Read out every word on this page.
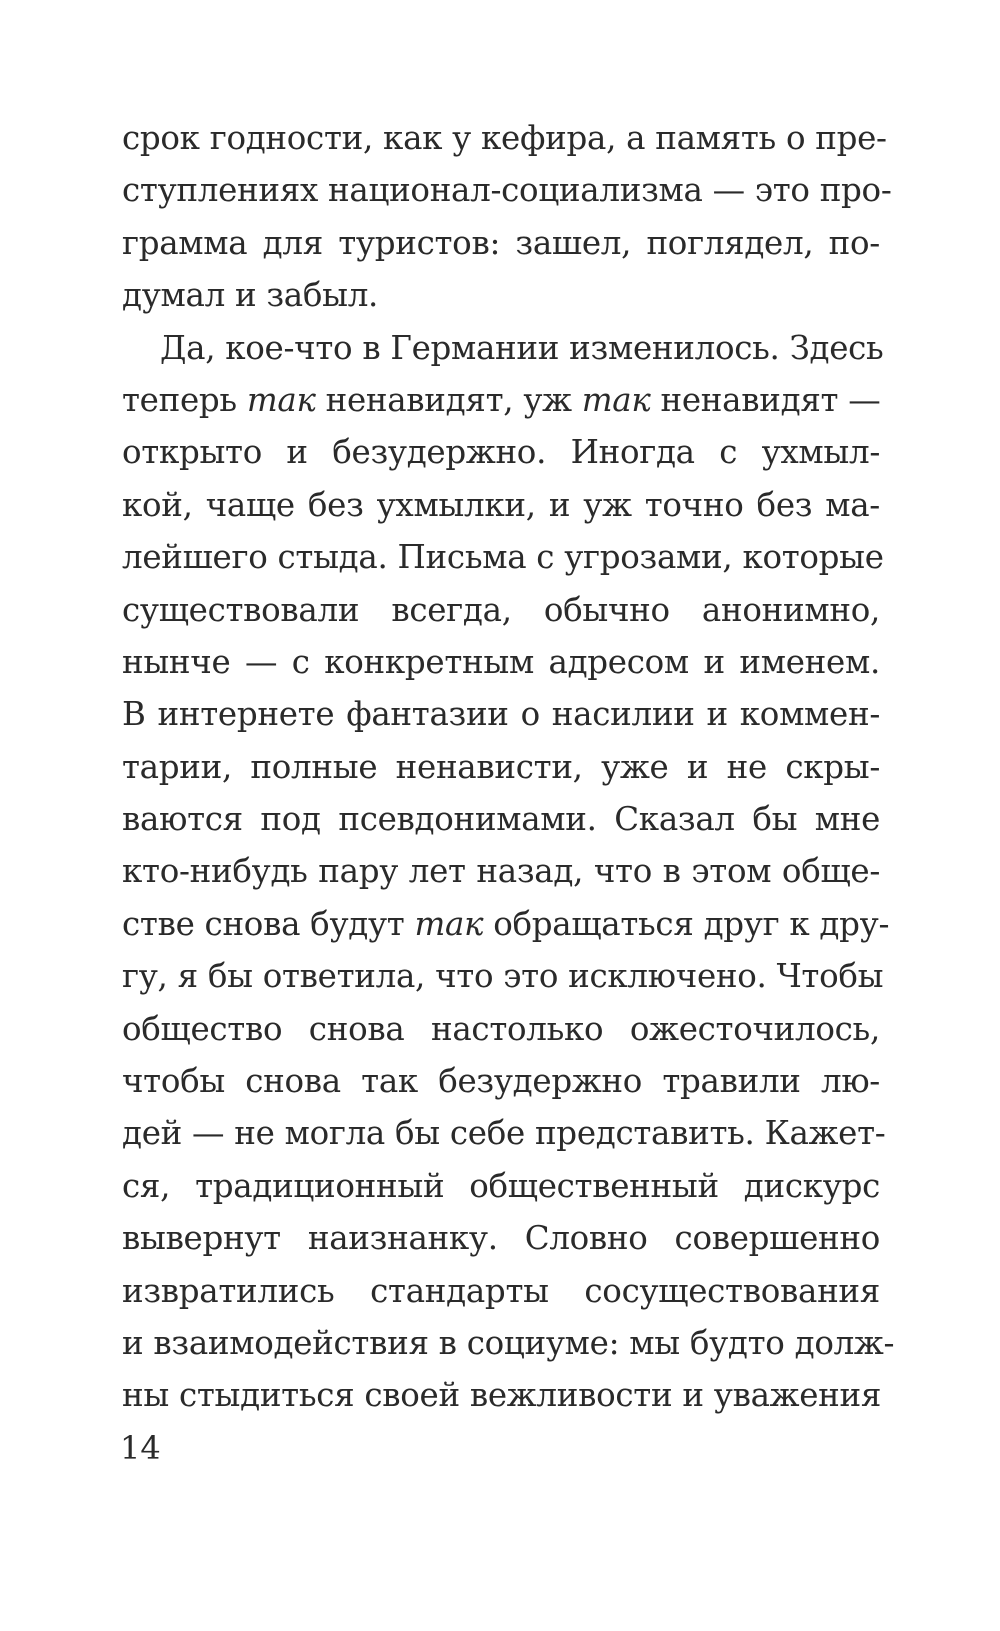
срок годности, как у кефира, а память о пре-
ступлениях национал-социализма — это про-
грамма для туристов: зашел, поглядел, по-
думал и забыл.
Да, кое-что в Германии изменилось. Здесь
теперь так ненавидят, уж так ненавидят —
открыто и безудержно. Иногда с ухмыл-
кой, чаще без ухмылки, и уж точно без ма-
лейшего стыда. Письма с угрозами, которые
существовали всегда, обычно анонимно,
нынче — с конкретным адресом и именем.
В интернете фантазии о насилии и коммен-
тарии, полные ненависти, уже и не скры-
ваются под псевдонимами. Сказал бы мне
кто-нибудь пару лет назад, что в этом обще-
стве снова будут так обращаться друг к дру-
гу, я бы ответила, что это исключено. Чтобы
общество снова настолько ожесточилось,
чтобы снова так безудержно травили лю-
дей — не могла бы себе представить. Кажет-
ся, традиционный общественный дискурс
вывернут наизнанку. Словно совершенно
извратились стандарты сосуществования
и взаимодействия в социуме: мы будто долж-
ны стыдиться своей вежливости и уважения
14
